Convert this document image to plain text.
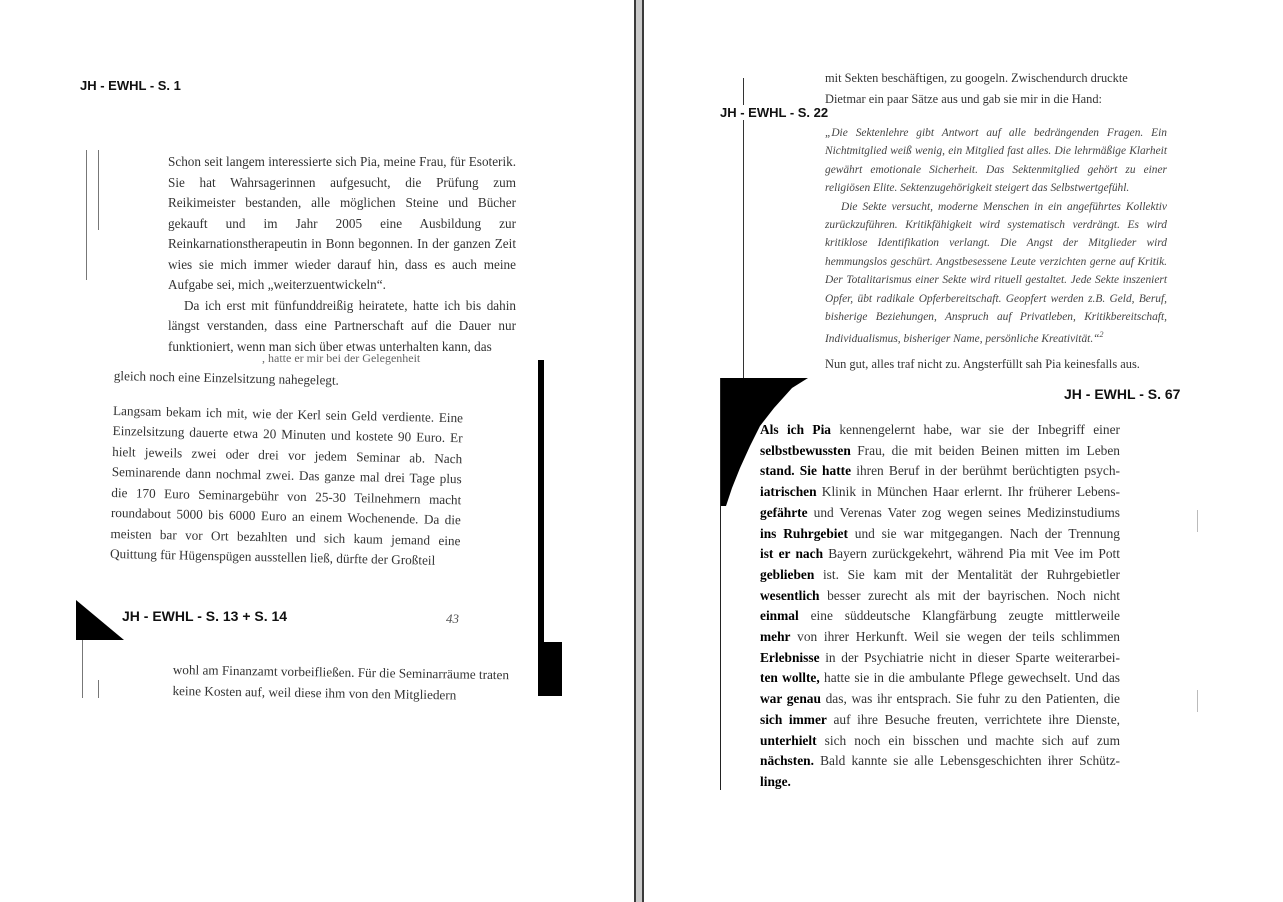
JH - EWHL - S. 1

Schon seit langem interessierte sich Pia, meine Frau, für Esoterik. Sie hat Wahrsagerinnen aufgesucht, die Prüfung zum Reikimeister bestanden, alle möglichen Steine und Bücher gekauft und im Jahr 2005 eine Ausbildung zur Reinkarnationstherapeutin in Bonn begonnen. In der ganzen Zeit wies sie mich immer wieder darauf hin, dass es auch meine Aufgabe sei, mich „weiterzuentwickeln“.

Da ich erst mit fünfunddreißig heiratete, hatte ich bis dahin längst verstanden, dass eine Partnerschaft auf die Dauer nur funktioniert, wenn man sich über etwas unterhalten kann, das

, hatte er mir bei der Gelegenheit

gleich noch eine Einzelsitzung nahegelegt.

Langsam bekam ich mit, wie der Kerl sein Geld verdiente. Eine Einzelsitzung dauerte etwa 20 Minuten und kostete 90 Euro. Er hielt jeweils zwei oder drei vor jedem Seminar ab. Nach Seminarende dann nochmal zwei. Das ganze mal drei Tage plus die 170 Euro Seminargebühr von 25-30 Teilnehmern macht roundabout 5000 bis 6000 Euro an einem Wochenende. Da die meisten bar vor Ort bezahlten und sich kaum jemand eine Quittung für Hügenspügen ausstellen ließ, dürfte der Großteil

JH - EWHL - S. 13 + S. 14	43

wohl am Finanzamt vorbeifließen. Für die Seminarräume traten

keine Kosten auf, weil diese ihm von den Mitgliedern

mit Sekten beschäftigen, zu googeln. Zwischendurch druckte

Dietmar ein paar Sätze aus und gab sie mir in die Hand:

JH - EWHL - S. 22

„Die Sektenlehre gibt Antwort auf alle bedrängenden Fragen. Ein Nichtmitglied weiß wenig, ein Mitglied fast alles. Die lehrmäßige Klarheit gewährt emotionale Sicherheit. Das Sektenmitglied gehört zu einer religiösen Elite. Sektenzugehörigkeit steigert das Selbstwertgefühl.

Die Sekte versucht, moderne Menschen in ein angeführtes Kollektiv zurückzuführen. Kritikfähigkeit wird systematisch verdrängt. Es wird kritiklose Identifikation verlangt. Die Angst der Mitglieder wird hemmungslos geschürt. Angstbesessene Leute verzichten gerne auf Kritik. Der Totalitarismus einer Sekte wird rituell gestaltet. Jede Sekte inszeniert Opfer, übt radikale Opferbereitschaft. Geopfert werden z.B. Geld, Beruf, bisherige Beziehungen, Anspruch auf Privatleben, Kritikbereitschaft, Individualismus, bisheriger Name, persönliche Kreativität.“$^2$

Nun gut, alles traf nicht zu. Angsterfüllt sah Pia keinesfalls aus.
JH - EWHL - S. 67

Als ich Pia kennengelernt habe, war sie der Inbegriff einer

selbstbewussten Frau, die mit beiden Beinen mitten im Leben

stand. Sie hatte ihren Beruf in der berühmt berüchtigten psych-

iatrischen Klinik in München Haar erlernt. Ihr früherer Lebens-

gefährte und Verenas Vater zog wegen seines Medizinstudiums

ins Ruhrgebiet und sie war mitgegangen. Nach der Trennung

ist er nach Bayern zurückgekehrt, während Pia mit Vee im Pott

geblieben ist. Sie kam mit der Mentalität der Ruhrgebietler

wesentlich besser zurecht als mit der bayrischen. Noch nicht

einmal eine süddeutsche Klangfärbung zeugte mittlerweile

mehr von ihrer Herkunft. Weil sie wegen der teils schlimmen

Erlebnisse in der Psychiatrie nicht in dieser Sparte weiterarbei-

ten wollte, hatte sie in die ambulante Pflege gewechselt. Und das

war genau das, was ihr entsprach. Sie fuhr zu den Patienten, die

sich immer auf ihre Besuche freuten, verrichtete ihre Dienste,

unterhielt sich noch ein bisschen und machte sich auf zum

nächsten. Bald kannte sie alle Lebensgeschichten ihrer Schütz-

linge.
